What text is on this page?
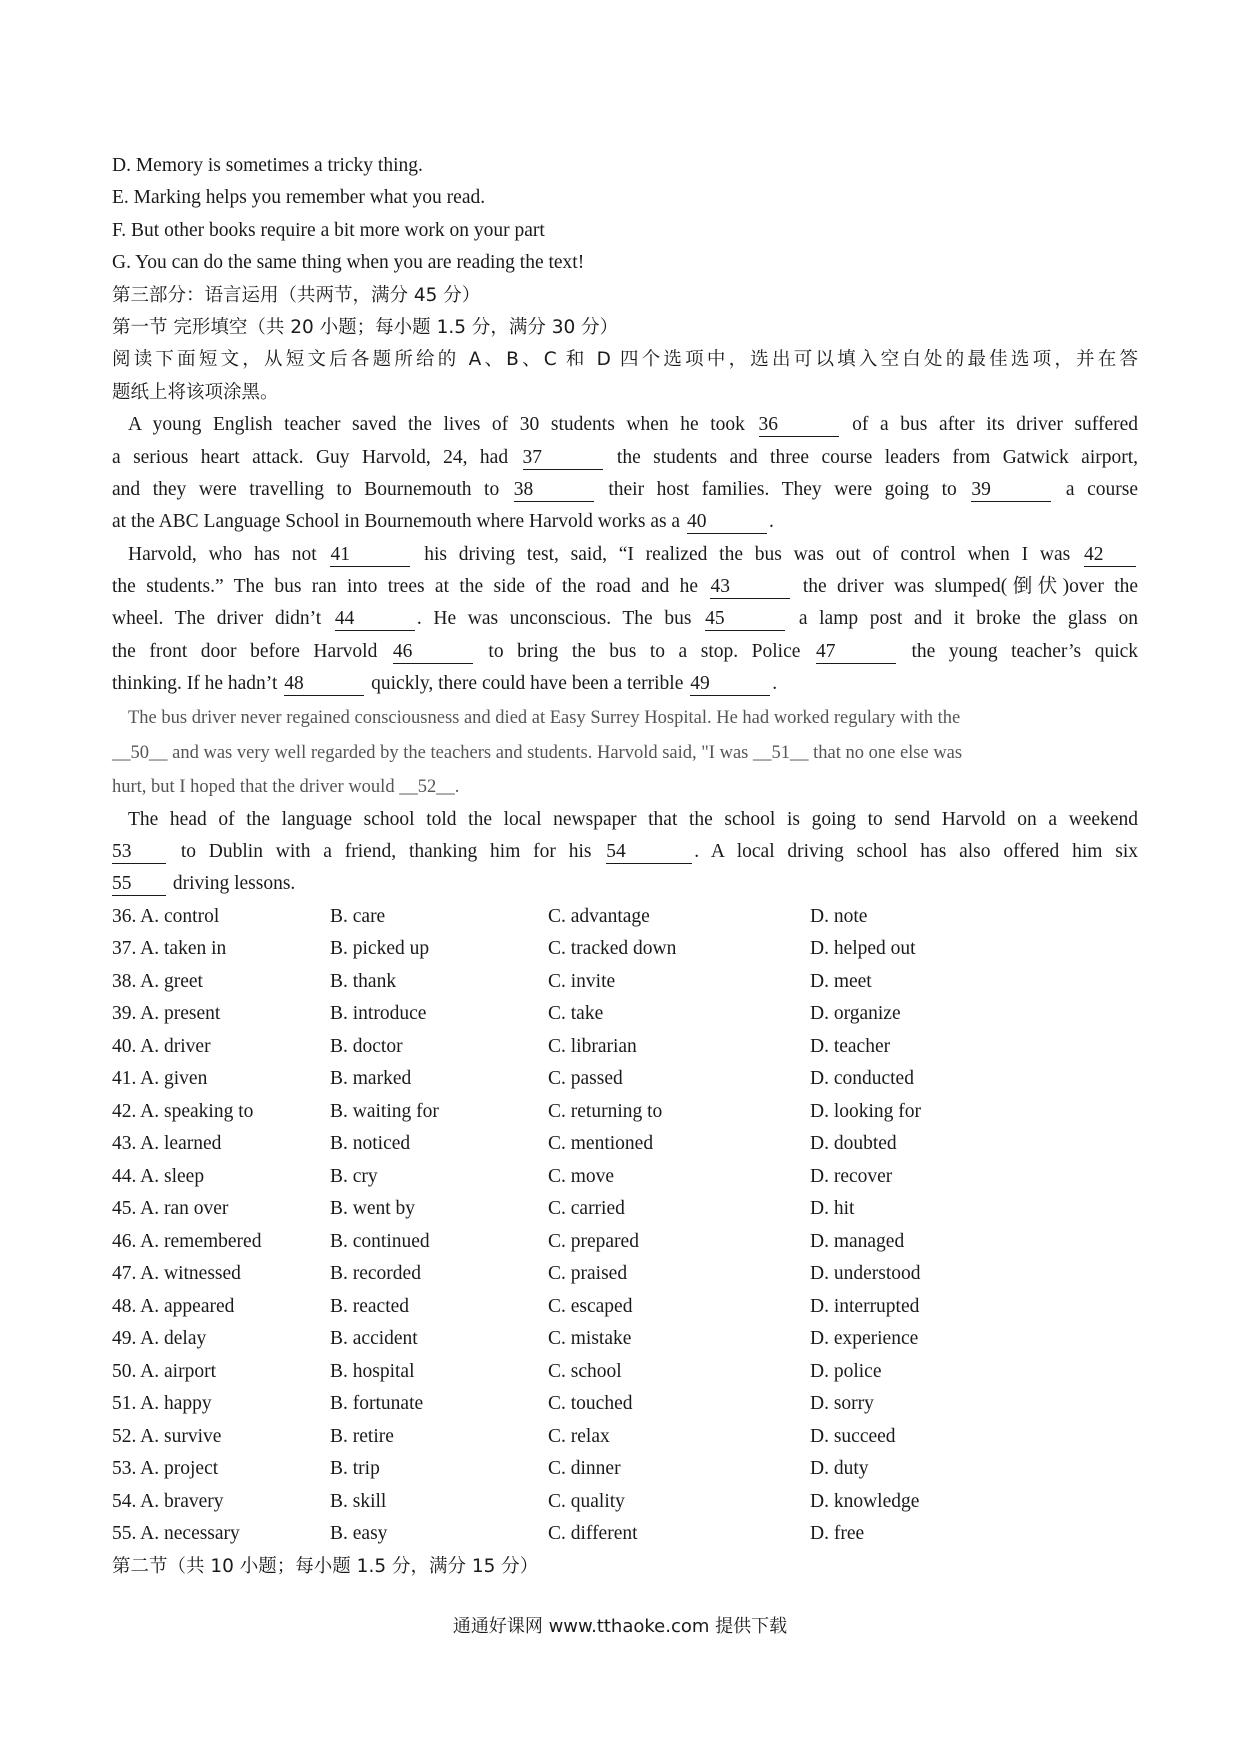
D. Memory is sometimes a tricky thing.
E. Marking helps you remember what you read.
F. But other books require a bit more work on your part
G. You can do the same thing when you are reading the text!
第三部分：语言运用（共两节，满分 45 分）
第一节 完形填空（共 20 小题；每小题 1.5 分，满分 30 分）
阅读下面短文，从短文后各题所给的 A、B、C 和 D 四个选项中，选出可以填入空白处的最佳选项，并在答
题纸上将该项涂黑。
A young English teacher saved the lives of 30 students when he took 36	of a bus after its driver suffered
a serious heart attack. Guy Harvold, 24, had 37	the students and three course leaders from Gatwick airport,
and they were travelling to Bournemouth to 38	their host families. They were going to 39	a course
at the ABC Language School in Bournemouth where Harvold works as a 40	.
Harvold, who has not 41	his driving test, said, “I realized the bus was out of control when I was 42
the students.” The bus ran into trees at the side of the road and he 43	the driver was slumped(倒伏)over the
wheel. The driver didn’t 44	. He was unconscious. The bus 45	a lamp post and it broke the glass on
the front door before Harvold 46	to bring the bus to a stop. Police 47	the young teacher’s quick
thinking. If he hadn’t 48	quickly, there could have been a terrible 49	.
The bus driver never regained consciousness and died at Easy Surrey Hospital. He had worked regulary with the
__50__ and was very well regarded by the teachers and students. Harvold said, "I was __51__ that no one else was
hurt, but I hoped that the driver would __52__.
The head of the language school told the local newspaper that the school is going to send Harvold on a weekend
53	to Dublin with a friend, thanking him for his 54	. A local driving school has also offered him six
55 driving lessons.
36. A. control	B. care	C. advantage	D. note
37. A. taken in	B. picked up	C. tracked down	D. helped out
38. A. greet	B. thank	C. invite	D. meet
39. A. present	B. introduce	C. take	D. organize
40. A. driver	B. doctor	C. librarian	D. teacher
41. A. given	B. marked	C. passed	D. conducted
42. A. speaking to	B. waiting for	C. returning to	D. looking for
43. A. learned	B. noticed	C. mentioned	D. doubted
44. A. sleep	B. cry	C. move	D. recover
45. A. ran over	B. went by	C. carried	D. hit
46. A. remembered	B. continued	C. prepared	D. managed
47. A. witnessed	B. recorded	C. praised	D. understood
48. A. appeared	B. reacted	C. escaped	D. interrupted
49. A. delay	B. accident	C. mistake	D. experience
50. A. airport	B. hospital	C. school	D. police
51. A. happy	B. fortunate	C. touched	D. sorry
52. A. survive	B. retire	C. relax	D. succeed
53. A. project	B. trip	C. dinner	D. duty
54. A. bravery	B. skill	C. quality	D. knowledge
55. A. necessary	B. easy	C. different	D. free
第二节（共 10 小题；每小题 1.5 分，满分 15 分）
通通好课网 www.tthaoke.com 提供下载
